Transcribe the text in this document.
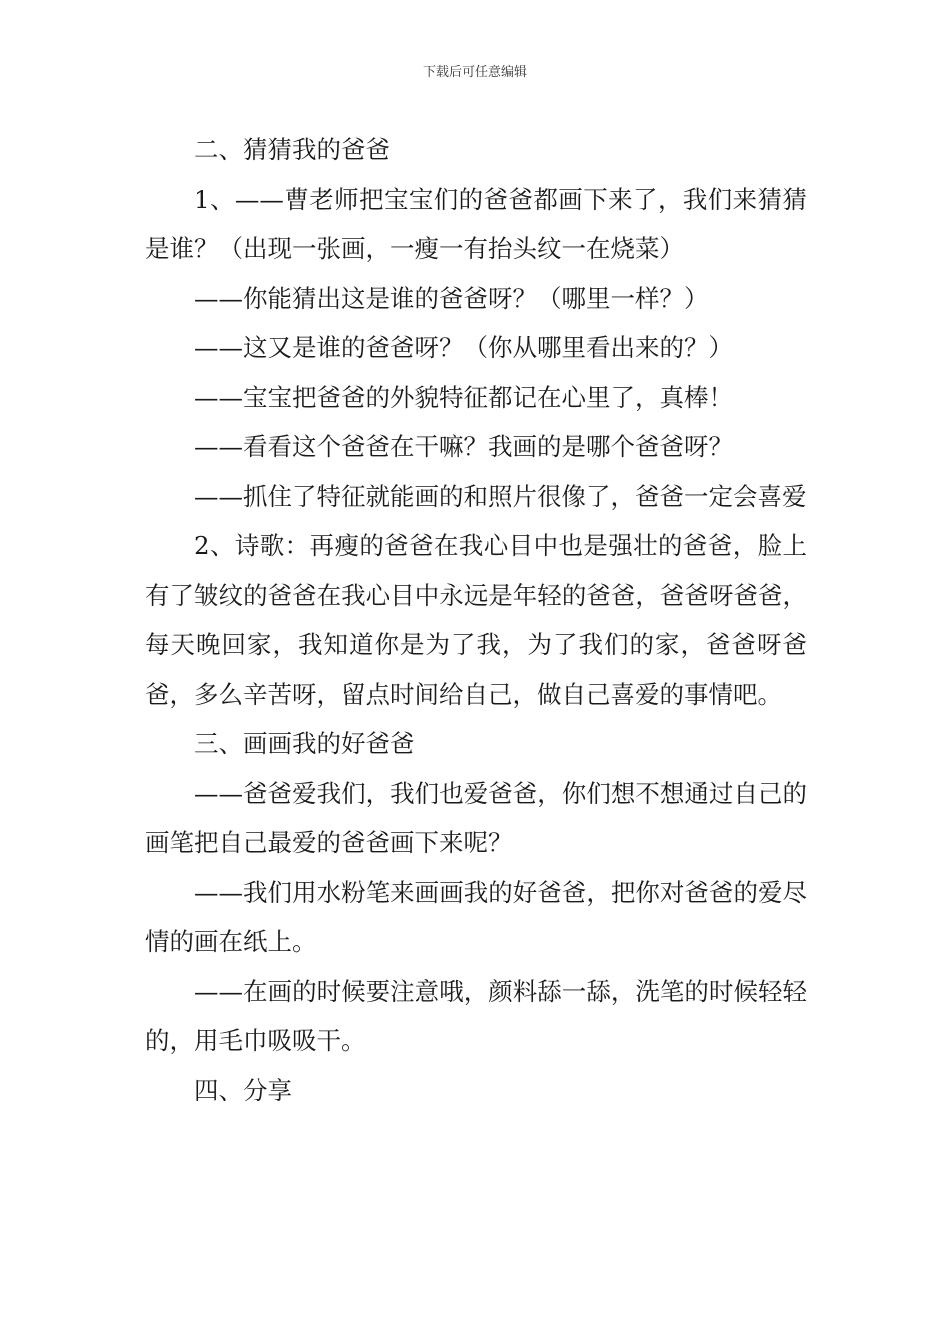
下载后可任意编辑

二、猜猜我的爸爸

1、——曹老师把宝宝们的爸爸都画下来了，我们来猜猜是谁？（出现一张画，一瘦一有抬头纹一在烧菜）

——你能猜出这是谁的爸爸呀？（哪里一样？）

——这又是谁的爸爸呀？（你从哪里看出来的？）

——宝宝把爸爸的外貌特征都记在心里了，真棒！

——看看这个爸爸在干嘛？我画的是哪个爸爸呀？

——抓住了特征就能画的和照片很像了，爸爸一定会喜爱

2、诗歌：再瘦的爸爸在我心目中也是强壮的爸爸，脸上有了皱纹的爸爸在我心目中永远是年轻的爸爸，爸爸呀爸爸，每天晚回家，我知道你是为了我，为了我们的家，爸爸呀爸爸，多么辛苦呀，留点时间给自己，做自己喜爱的事情吧。

三、画画我的好爸爸

——爸爸爱我们，我们也爱爸爸，你们想不想通过自己的画笔把自己最爱的爸爸画下来呢？

——我们用水粉笔来画画我的好爸爸，把你对爸爸的爱尽情的画在纸上。

——在画的时候要注意哦，颜料舔一舔，洗笔的时候轻轻的，用毛巾吸吸干。

四、分享
